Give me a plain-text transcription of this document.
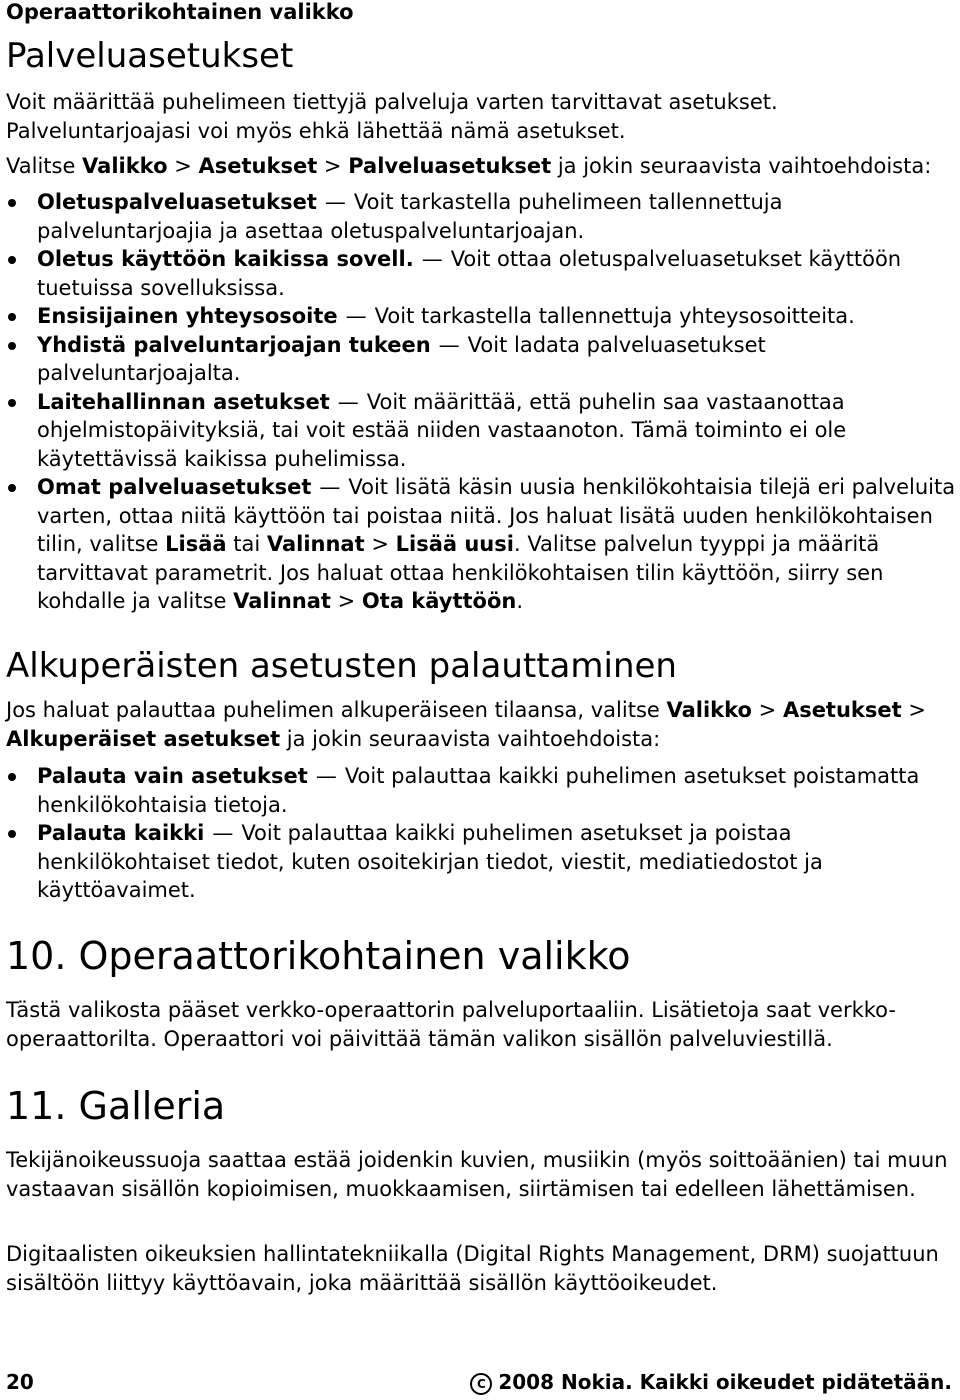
Operaattorikohtainen valikko
Palveluasetukset

Voit määrittää puhelimeen tiettyjä palveluja varten tarvittavat asetukset. Palveluntarjoajasi voi myös ehkä lähettää nämä asetukset.

Valitse Valikko > Asetukset > Palveluasetukset ja jokin seuraavista vaihtoehdoista:

Oletuspalveluasetukset — Voit tarkastella puhelimeen tallennettuja palveluntarjoajia ja asettaa oletuspalveluntarjoajan.
Oletus käyttöön kaikissa sovell. — Voit ottaa oletuspalveluasetukset käyttöön tuetuissa sovelluksissa.
Ensisijainen yhteysosoite — Voit tarkastella tallennettuja yhteysosoitteita.
Yhdistä palveluntarjoajan tukeen — Voit ladata palveluasetukset palveluntarjoajalta.
Laitehallinnan asetukset — Voit määrittää, että puhelin saa vastaanottaa ohjelmistopäivityksiä, tai voit estää niiden vastaanoton. Tämä toiminto ei ole käytettävissä kaikissa puhelimissa.
Omat palveluasetukset — Voit lisätä käsin uusia henkilökohtaisia tilejä eri palveluita varten, ottaa niitä käyttöön tai poistaa niitä. Jos haluat lisätä uuden henkilökohtaisen tilin, valitse Lisää tai Valinnat > Lisää uusi. Valitse palvelun tyyppi ja määritä tarvittavat parametrit. Jos haluat ottaa henkilökohtaisen tilin käyttöön, siirry sen kohdalle ja valitse Valinnat > Ota käyttöön.
Alkuperäisten asetusten palauttaminen

Jos haluat palauttaa puhelimen alkuperäiseen tilaansa, valitse Valikko > Asetukset > Alkuperäiset asetukset ja jokin seuraavista vaihtoehdoista:

Palauta vain asetukset — Voit palauttaa kaikki puhelimen asetukset poistamatta henkilökohtaisia tietoja.
Palauta kaikki — Voit palauttaa kaikki puhelimen asetukset ja poistaa henkilökohtaiset tiedot, kuten osoitekirjan tiedot, viestit, mediatiedostot ja käyttöavaimet.
10. Operaattorikohtainen valikko

Tästä valikosta pääset verkko-operaattorin palveluportaaliin. Lisätietoja saat verkko-operaattorilta. Operaattori voi päivittää tämän valikon sisällön palveluviestillä.

11. Galleria

Tekijänoikeussuoja saattaa estää joidenkin kuvien, musiikin (myös soittoäänien) tai muun vastaavan sisällön kopioimisen, muokkaamisen, siirtämisen tai edelleen lähettämisen.

Digitaalisten oikeuksien hallintatekniikalla (Digital Rights Management, DRM) suojattuun sisältöön liittyy käyttöavain, joka määrittää sisällön käyttöoikeudet.

20	C 2008 Nokia. Kaikki oikeudet pidätetään.
